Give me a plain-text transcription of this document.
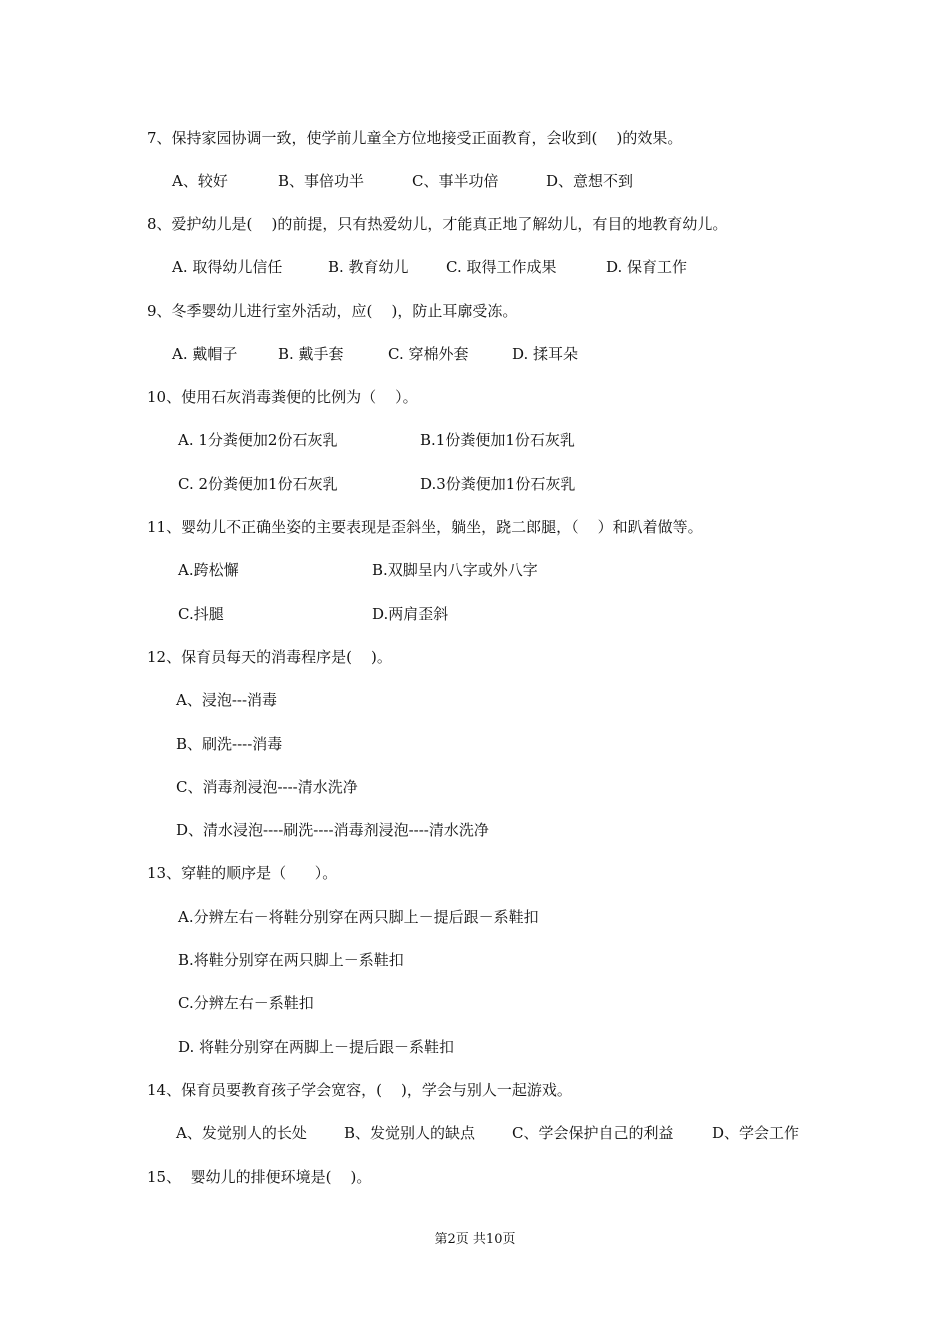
7、保持家园协调一致，使学前儿童全方位地接受正面教育，会收到(    )的效果。
A、较好	B、事倍功半	C、事半功倍	D、意想不到
8、爱护幼儿是(    )的前提，只有热爱幼儿，才能真正地了解幼儿，有目的地教育幼儿。
A. 取得幼儿信任	B. 教育幼儿 C. 取得工作成果	D. 保育工作
9、冬季婴幼儿进行室外活动，应(    )，防止耳廓受冻。
A. 戴帽子	B. 戴手套	C. 穿棉外套	D. 揉耳朵
10、使用石灰消毒粪便的比例为（    ）。
A. 1分粪便加2份石灰乳	B.1份粪便加1份石灰乳
C. 2份粪便加1份石灰乳	D.3份粪便加1份石灰乳
11、婴幼儿不正确坐姿的主要表现是歪斜坐，躺坐，跷二郎腿，（    ）和趴着做等。
A.跨松懈	B.双脚呈内八字或外八字
C.抖腿	D.两肩歪斜
12、保育员每天的消毒程序是(    )。
A、浸泡---消毒
B、刷洗----消毒
C、消毒剂浸泡----清水洗净
D、清水浸泡----刷洗----消毒剂浸泡----清水洗净
13、穿鞋的顺序是（      ）。
A.分辨左右－将鞋分别穿在两只脚上－提后跟－系鞋扣
B.将鞋分别穿在两只脚上－系鞋扣
C.分辨左右－系鞋扣
D. 将鞋分别穿在两脚上－提后跟－系鞋扣
14、保育员要教育孩子学会宽容，(    )，学会与别人一起游戏。
A、发觉别人的长处 B、发觉别人的缺点 C、学会保护自己的利益	D、学会工作
15、  婴幼儿的排便环境是(    )。
第2页 共10页
